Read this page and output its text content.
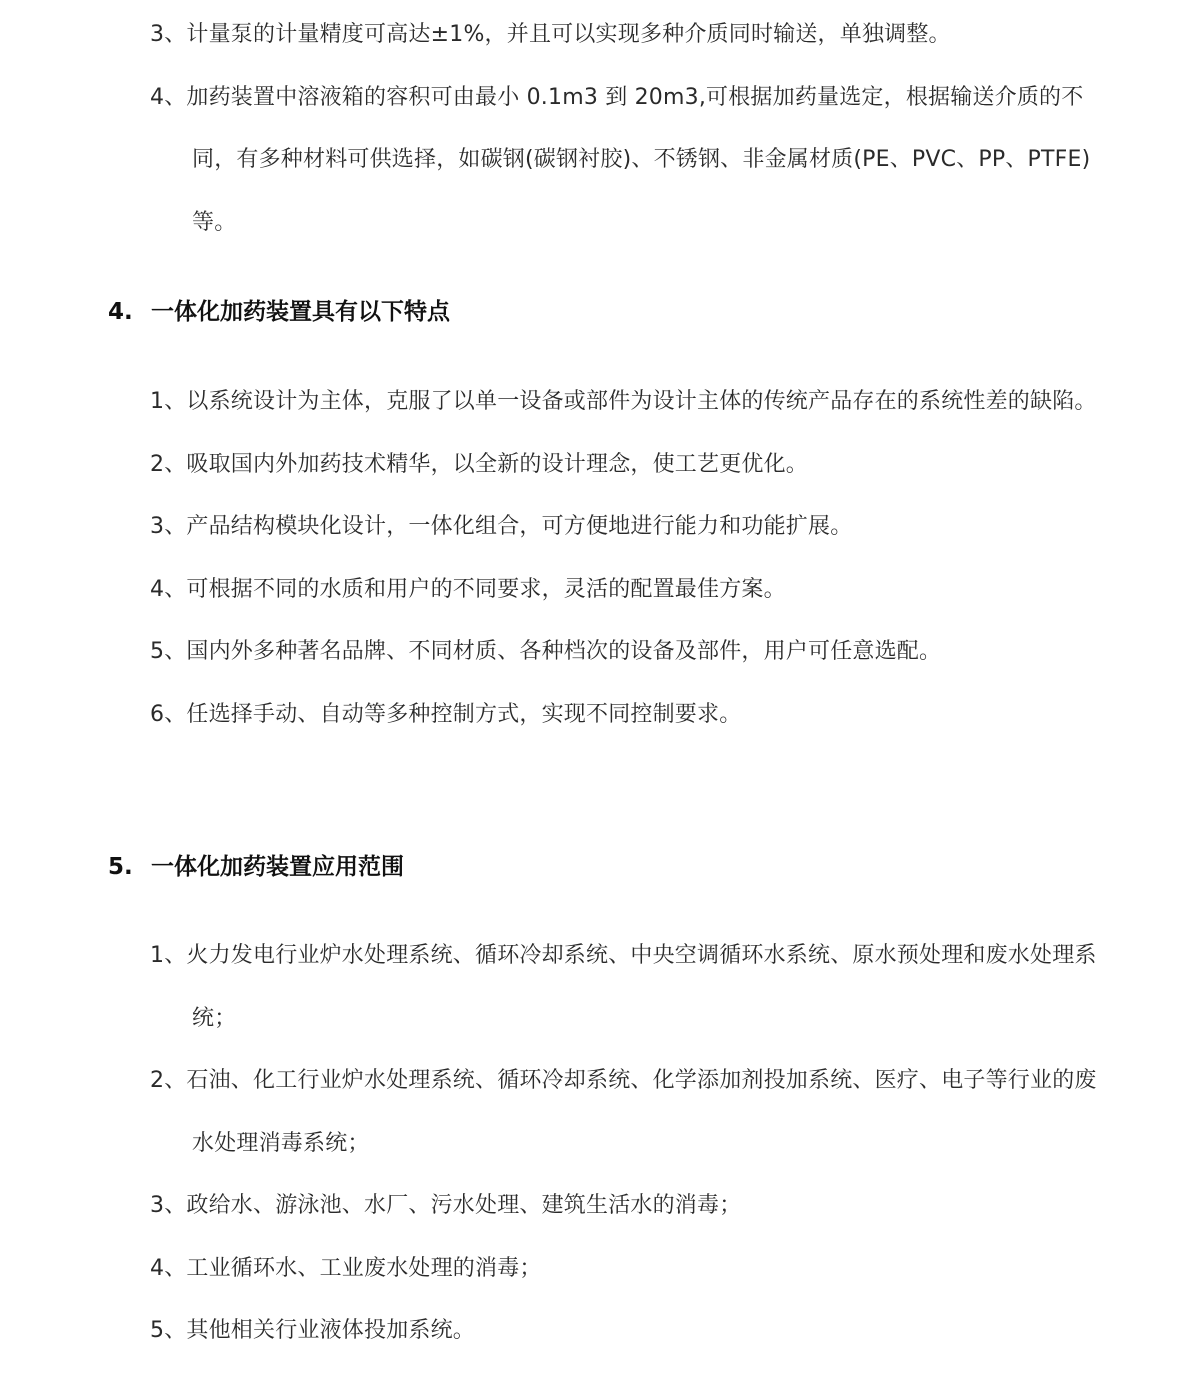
3、计量泵的计量精度可高达±1%，并且可以实现多种介质同时输送，单独调整。
4、加药装置中溶液箱的容积可由最小 0.1m3 到 20m3,可根据加药量选定，根据输送介质的不同，有多种材料可供选择，如碳钢(碳钢衬胶)、不锈钢、非金属材质(PE、PVC、PP、PTFE)等。
4. 一体化加药装置具有以下特点
1、以系统设计为主体，克服了以单一设备或部件为设计主体的传统产品存在的系统性差的缺陷。
2、吸取国内外加药技术精华，以全新的设计理念，使工艺更优化。
3、产品结构模块化设计，一体化组合，可方便地进行能力和功能扩展。
4、可根据不同的水质和用户的不同要求，灵活的配置最佳方案。
5、国内外多种著名品牌、不同材质、各种档次的设备及部件，用户可任意选配。
6、任选择手动、自动等多种控制方式，实现不同控制要求。
5. 一体化加药装置应用范围
1、火力发电行业炉水处理系统、循环冷却系统、中央空调循环水系统、原水预处理和废水处理系统；
2、石油、化工行业炉水处理系统、循环冷却系统、化学添加剂投加系统、医疗、电子等行业的废水处理消毒系统；
3、政给水、游泳池、水厂、污水处理、建筑生活水的消毒；
4、工业循环水、工业废水处理的消毒；
5、其他相关行业液体投加系统。
